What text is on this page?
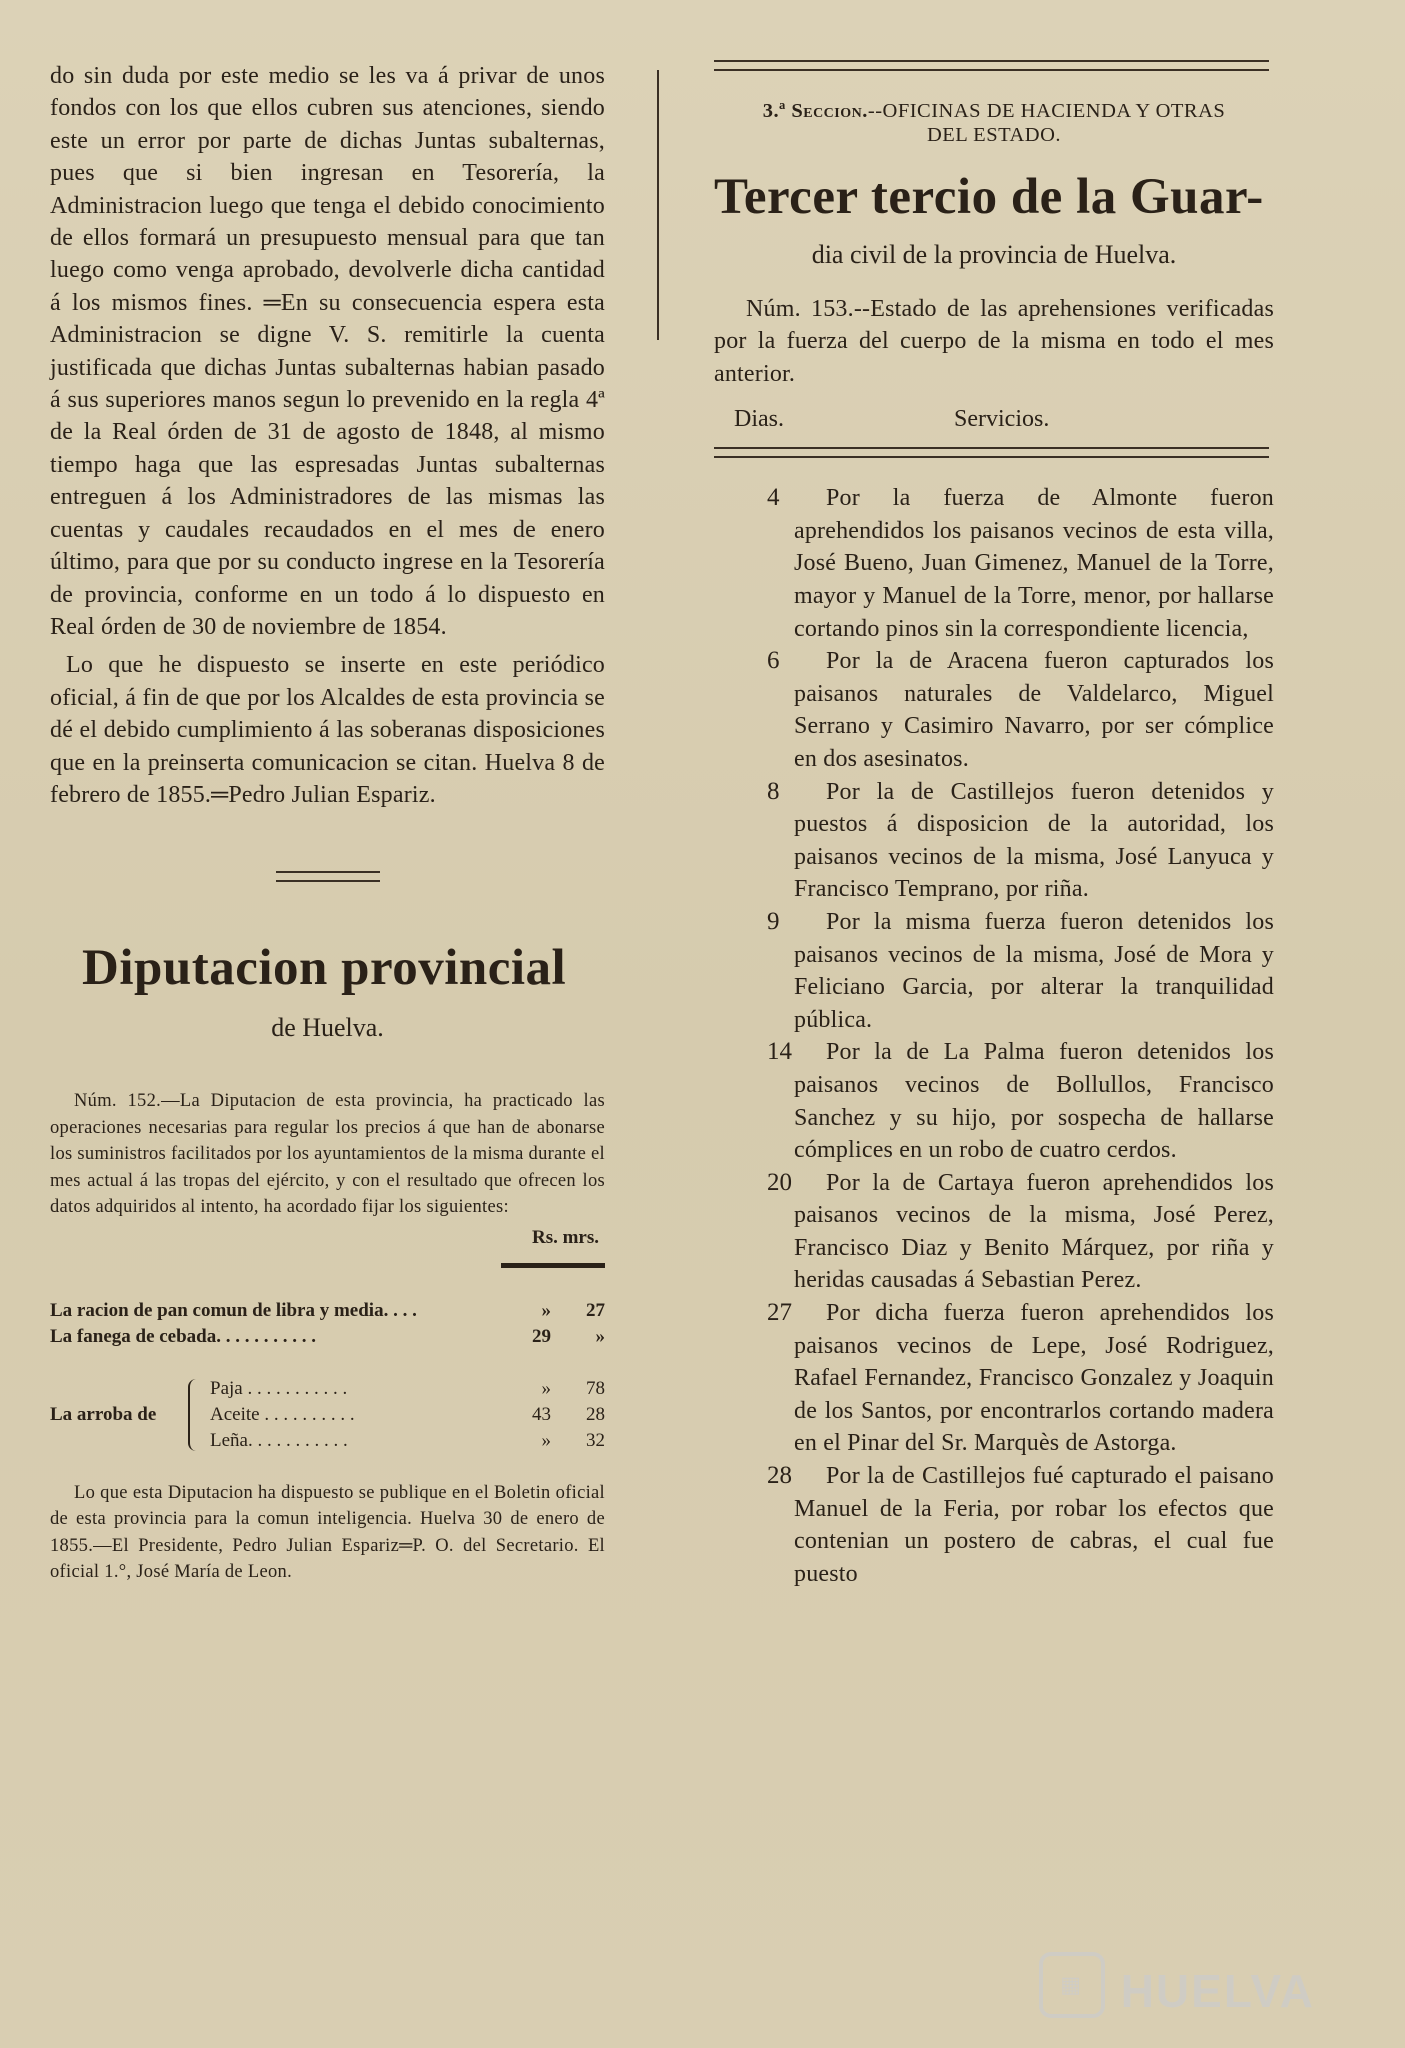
do sin duda por este medio se les va á privar de unos fondos con los que ellos cubren sus atenciones, siendo este un error por parte de dichas Juntas subalternas, pues que si bien ingresan en Tesorería, la Administracion luego que tenga el debido conocimiento de ellos formará un presupuesto mensual para que tan luego como venga aprobado, devolverle dicha cantidad á los mismos fines. ═En su consecuencia espera esta Administracion se digne V. S. remitirle la cuenta justificada que dichas Juntas subalternas habian pasado á sus superiores manos segun lo prevenido en la regla 4ª de la Real órden de 31 de agosto de 1848, al mismo tiempo haga que las espresadas Juntas subalternas entreguen á los Administradores de las mismas las cuentas y caudales recaudados en el mes de enero último, para que por su conducto ingrese en la Tesorería de provincia, conforme en un todo á lo dispuesto en Real órden de 30 de noviembre de 1854.

Lo que he dispuesto se inserte en este periódico oficial, á fin de que por los Alcaldes de esta provincia se dé el debido cumplimiento á las soberanas disposiciones que en la preinserta comunicacion se citan. Huelva 8 de febrero de 1855.═Pedro Julian Espariz.

Diputacion provincial

de Huelva.

Núm. 152.—La Diputacion de esta provincia, ha practicado las operaciones necesarias para regular los precios á que han de abonarse los suministros facilitados por los ayuntamientos de la misma durante el mes actual á las tropas del ejército, y con el resultado que ofrecen los datos adquiridos al intento, ha acordado fijar los siguientes:

Rs. mrs.
La racion de pan comun de libra y media. . . .	»	27
La fanega de cebada. . . . . . . . . . .	29	»
La arroba de
Paja . . . . . . . . . . .	»	78
Aceite . . . . . . . . . .	43	28
Leña. . . . . . . . . . .	»	32

Lo que esta Diputacion ha dispuesto se publique en el Boletin oficial de esta provincia para la comun inteligencia. Huelva 30 de enero de 1855.—El Presidente, Pedro Julian Espariz═P. O. del Secretario. El oficial 1.°, José María de Leon.

3.ª Seccion.--OFICINAS DE HACIENDA Y OTRAS

DEL ESTADO.

Tercer tercio de la Guar-

dia civil de la provincia de Huelva.

Núm. 153.--Estado de las aprehensiones verificadas por la fuerza del cuerpo de la misma en todo el mes anterior.

Dias.	Servicios.
4	Por la fuerza de Almonte fueron aprehendidos los paisanos vecinos de esta villa, José Bueno, Juan Gimenez, Manuel de la Torre, mayor y Manuel de la Torre, menor, por hallarse cortando pinos sin la correspondiente licencia,

6	Por la de Aracena fueron capturados los paisanos naturales de Valdelarco, Miguel Serrano y Casimiro Navarro, por ser cómplice en dos asesinatos.

8	Por la de Castillejos fueron detenidos y puestos á disposicion de la autoridad, los paisanos vecinos de la misma, José Lanyuca y Francisco Temprano, por riña.

9	Por la misma fuerza fueron detenidos los paisanos vecinos de la misma, José de Mora y Feliciano Garcia, por alterar la tranquilidad pública.

14	Por la de La Palma fueron detenidos los paisanos vecinos de Bollullos, Francisco Sanchez y su hijo, por sospecha de hallarse cómplices en un robo de cuatro cerdos.

20	Por la de Cartaya fueron aprehendidos los paisanos vecinos de la misma, José Perez, Francisco Diaz y Benito Márquez, por riña y heridas causadas á Sebastian Perez.

27	Por dicha fuerza fueron aprehendidos los paisanos vecinos de Lepe, José Rodriguez, Rafael Fernandez, Francisco Gonzalez y Joaquin de los Santos, por encontrarlos cortando madera en el Pinar del Sr. Marquès de Astorga.

28	Por la de Castillejos fué capturado el paisano Manuel de la Feria, por robar los efectos que contenian un postero de cabras, el cual fue puesto

▦ HUELVA
